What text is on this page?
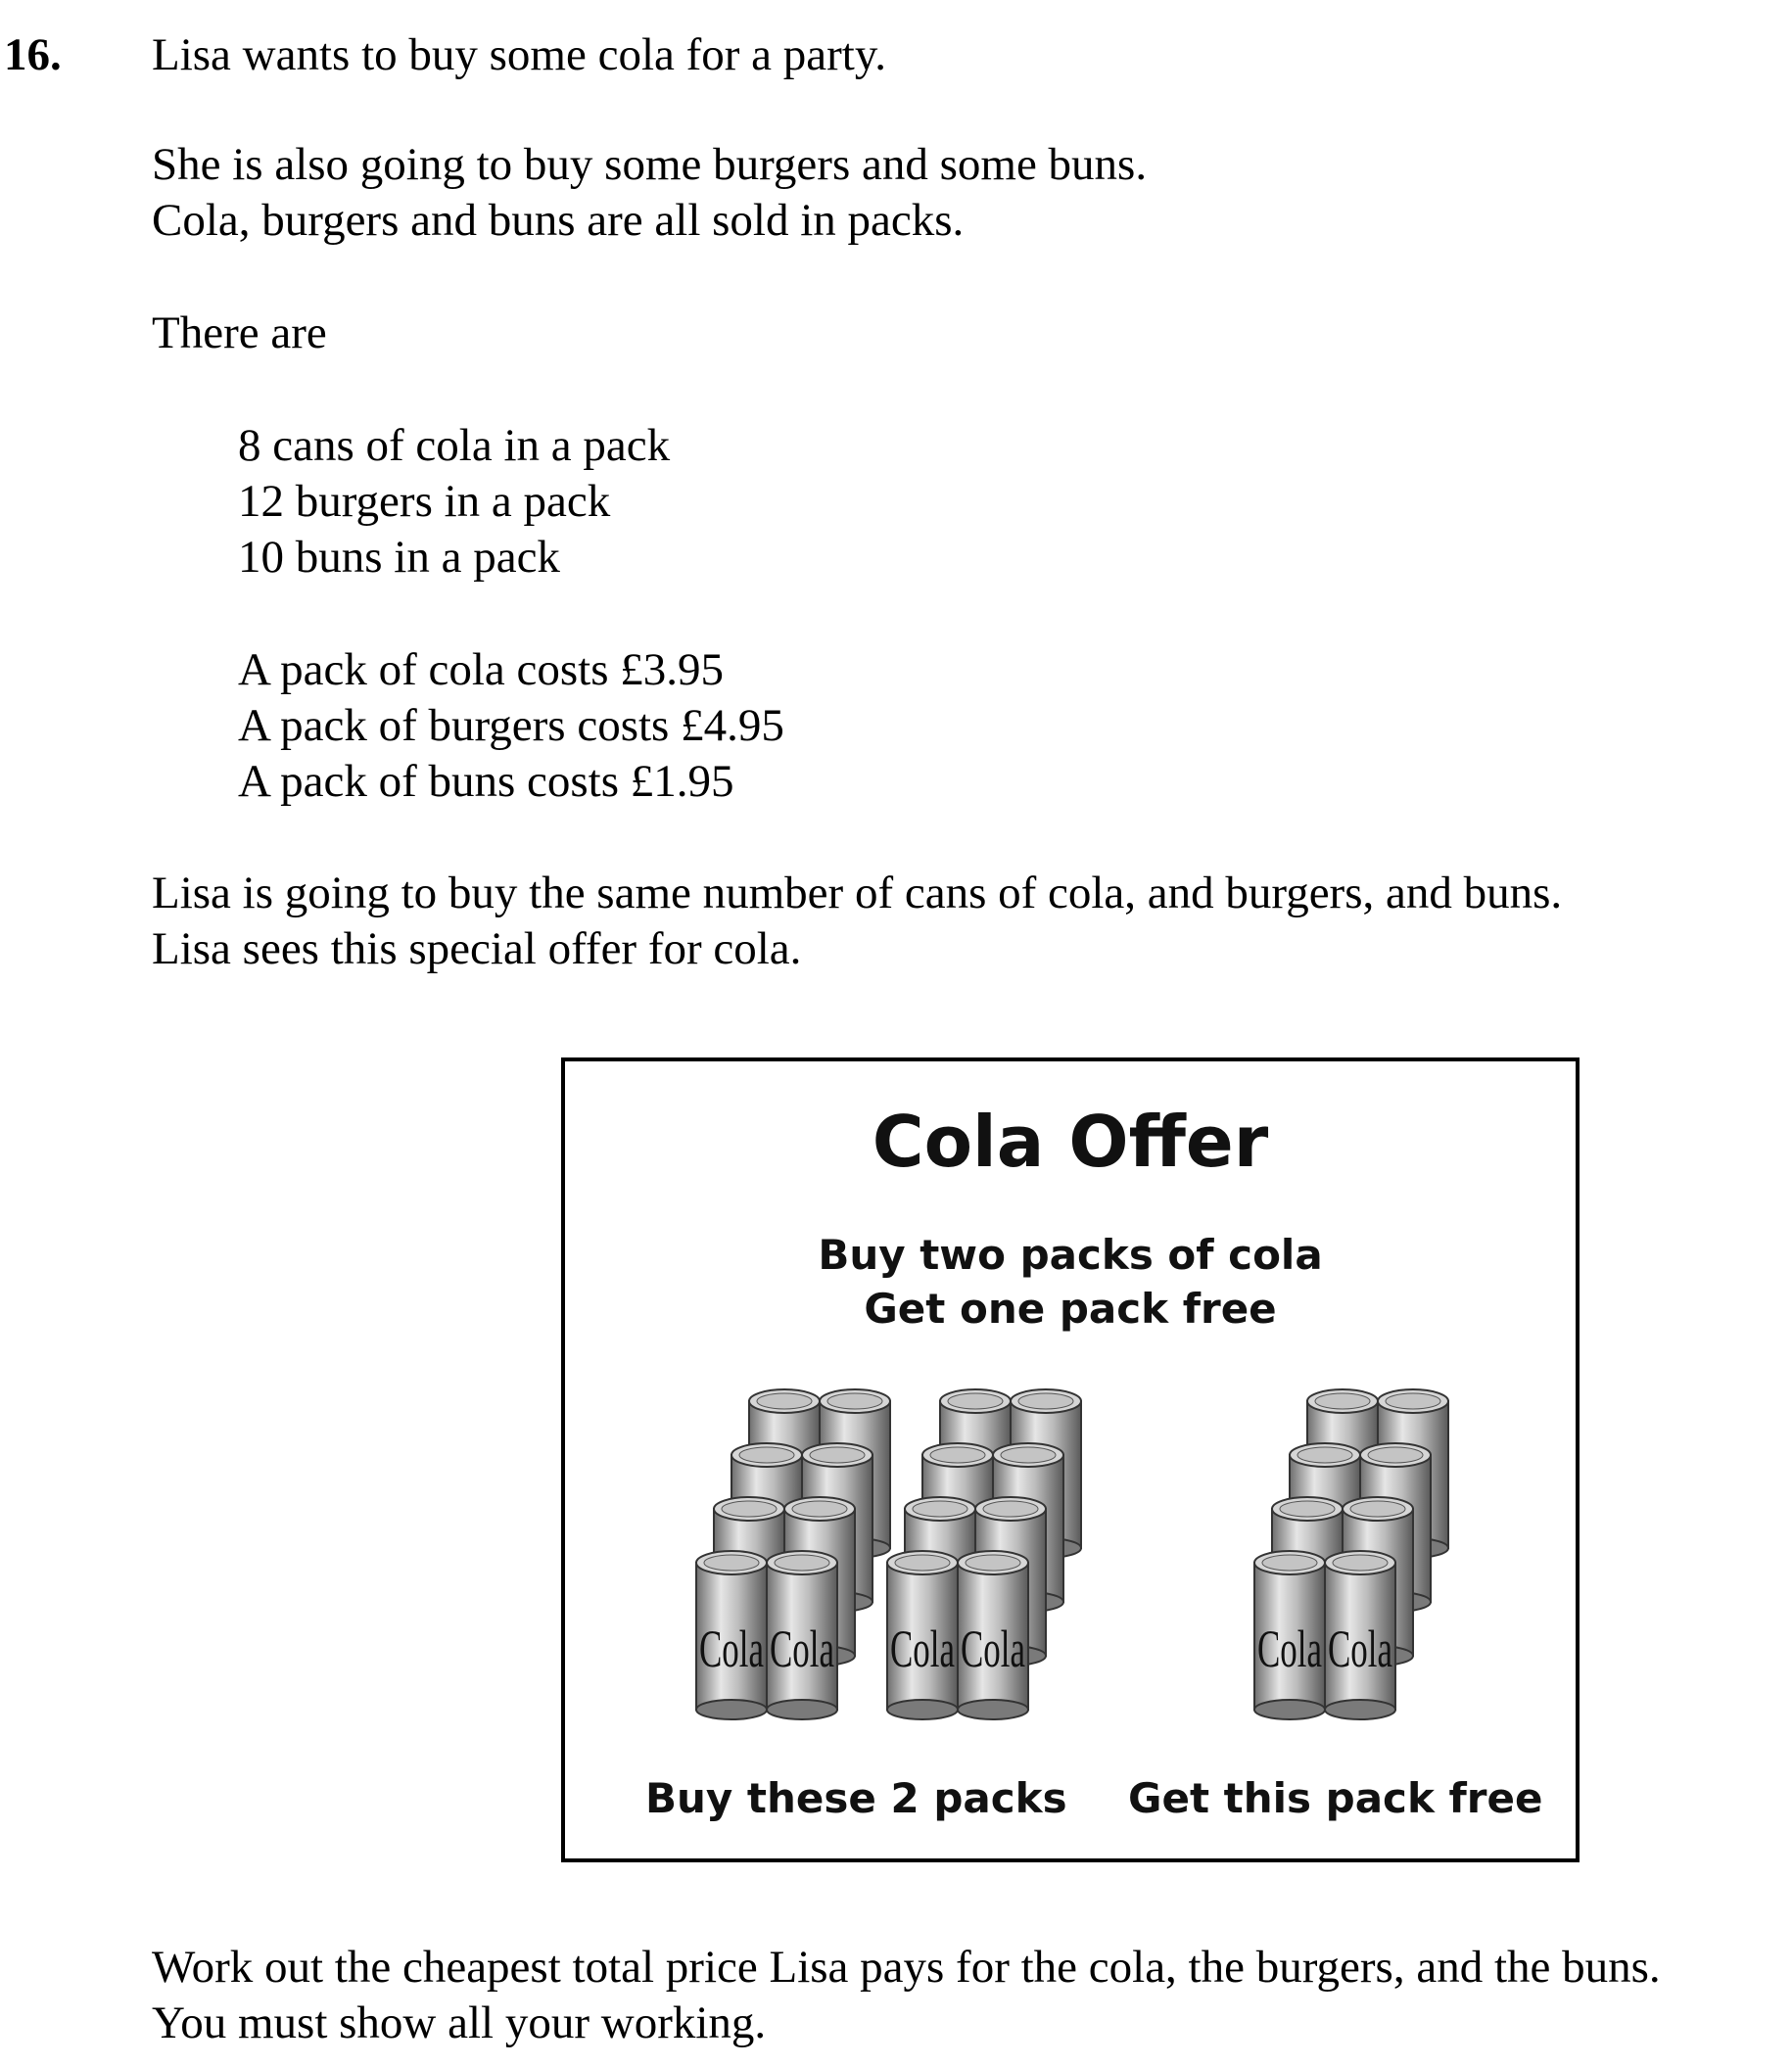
16. Lisa wants to buy some cola for a party.
She is also going to buy some burgers and some buns.
Cola, burgers and buns are all sold in packs.
There are
8 cans of cola in a pack
12 burgers in a pack
10 buns in a pack
A pack of cola costs £3.95
A pack of burgers costs £4.95
A pack of buns costs £1.95
Lisa is going to buy the same number of cans of cola, and burgers, and buns.
Lisa sees this special offer for cola.
Cola Offer
Buy two packs of cola
Get one pack free
Cola Cola Cola Cola	Cola Cola
Buy these 2 packs Get this pack free
Work out the cheapest total price Lisa pays for the cola, the burgers, and the buns.
You must show all your working.
